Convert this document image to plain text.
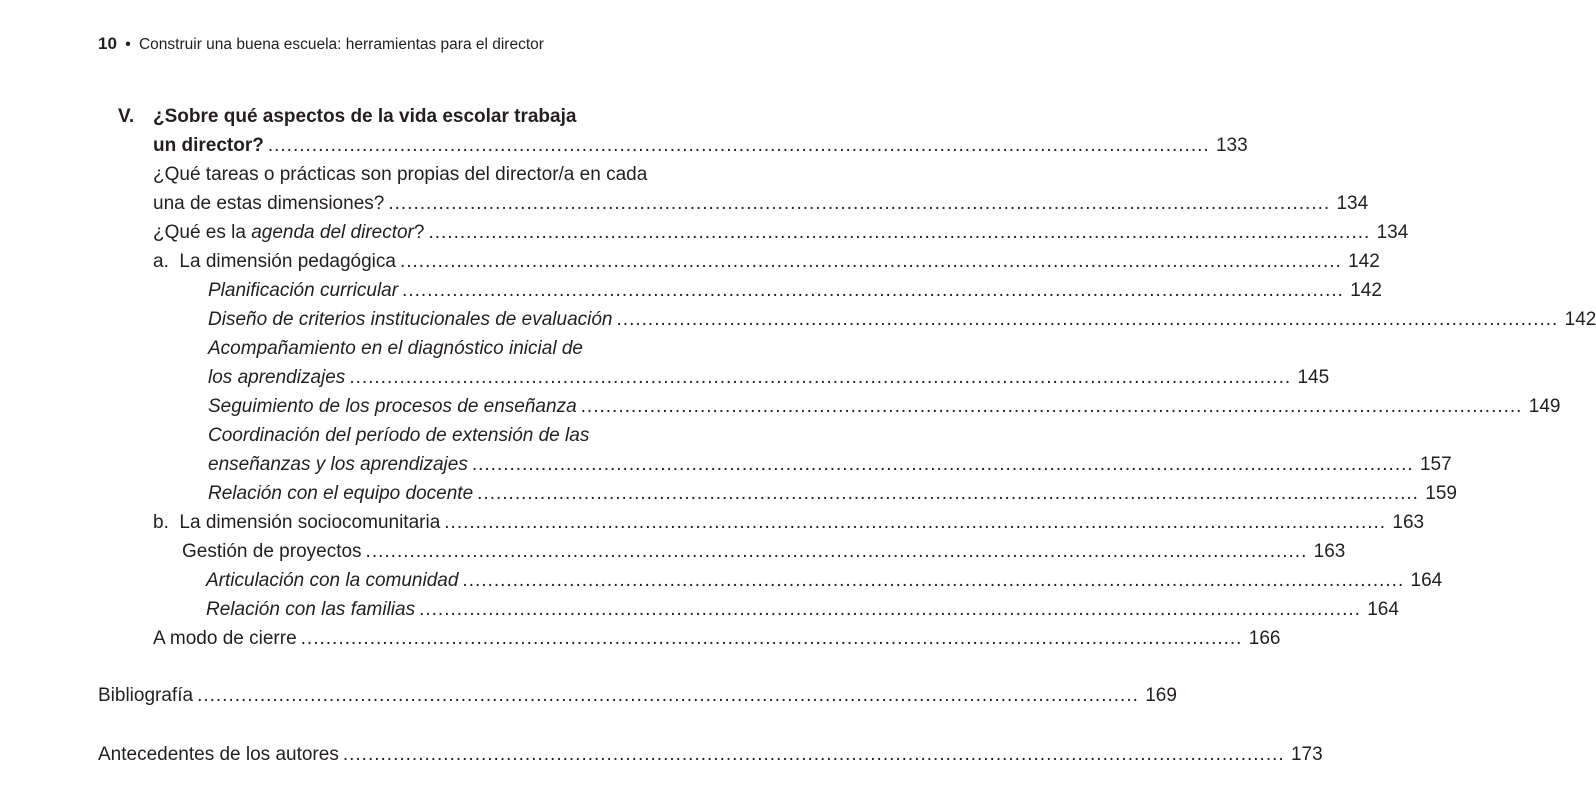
10 • Construir una buena escuela: herramientas para el director
V. ¿Sobre qué aspectos de la vida escolar trabaja
un director? ...................................................................................................................................................... 133
¿Qué tareas o prácticas son propias del director/a en cada
una de estas dimensiones? ...................................................................................................................................................... 134
¿Qué es la agenda del director? ...................................................................................................................................................... 134
a.  La dimensión pedagógica ...................................................................................................................................................... 142
Planificación curricular ...................................................................................................................................................... 142
Diseño de criterios institucionales de evaluación ...................................................................................................................................................... 142
Acompañamiento en el diagnóstico inicial de
los aprendizajes ...................................................................................................................................................... 145
Seguimiento de los procesos de enseñanza ...................................................................................................................................................... 149
Coordinación del período de extensión de las
enseñanzas y los aprendizajes ...................................................................................................................................................... 157
Relación con el equipo docente ...................................................................................................................................................... 159
b.  La dimensión sociocomunitaria ...................................................................................................................................................... 163
Gestión de proyectos ...................................................................................................................................................... 163
Articulación con la comunidad ...................................................................................................................................................... 164
Relación con las familias ...................................................................................................................................................... 164
A modo de cierre ...................................................................................................................................................... 166
Bibliografía ...................................................................................................................................................... 169
Antecedentes de los autores ...................................................................................................................................................... 173
